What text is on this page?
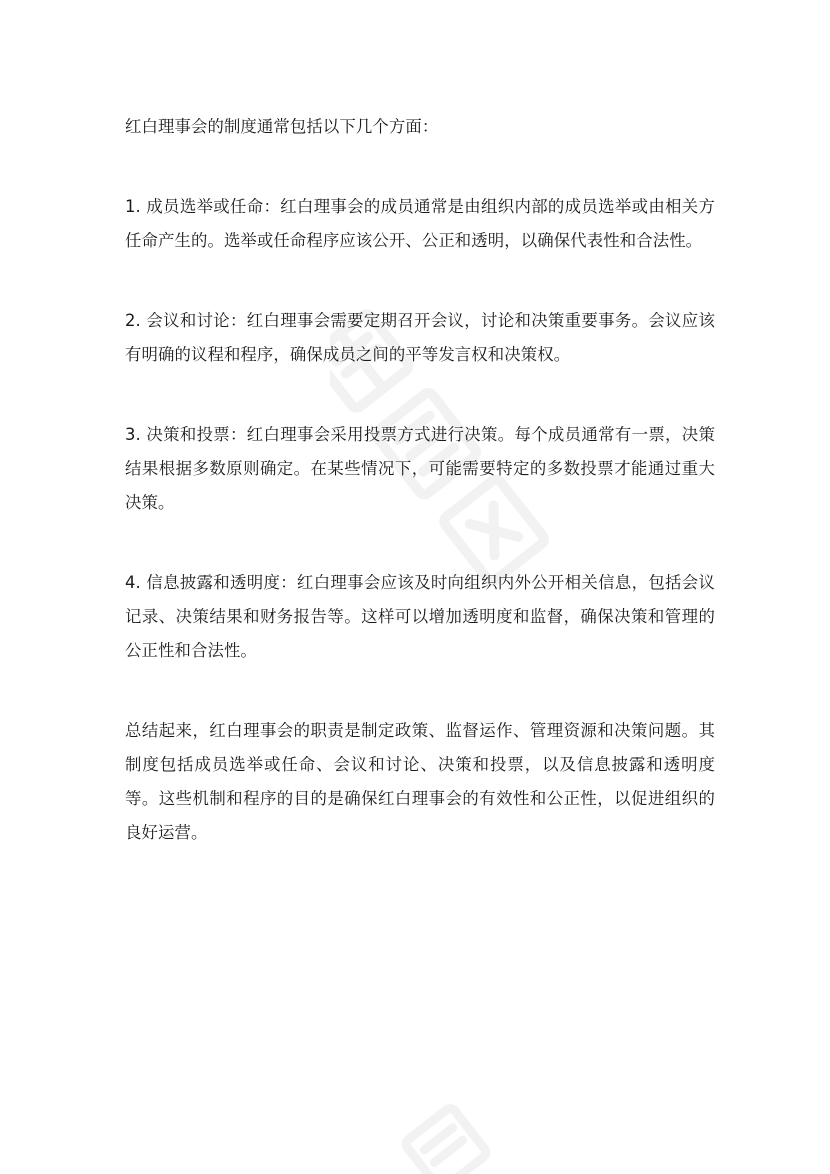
红白理事会的制度通常包括以下几个方面：

1. 成员选举或任命：红白理事会的成员通常是由组织内部的成员选举或由相关方任命产生的。选举或任命程序应该公开、公正和透明，以确保代表性和合法性。

2. 会议和讨论：红白理事会需要定期召开会议，讨论和决策重要事务。会议应该有明确的议程和程序，确保成员之间的平等发言权和决策权。

3. 决策和投票：红白理事会采用投票方式进行决策。每个成员通常有一票，决策结果根据多数原则确定。在某些情况下，可能需要特定的多数投票才能通过重大决策。

4. 信息披露和透明度：红白理事会应该及时向组织内外公开相关信息，包括会议记录、决策结果和财务报告等。这样可以增加透明度和监督，确保决策和管理的公正性和合法性。

总结起来，红白理事会的职责是制定政策、监督运作、管理资源和决策问题。其制度包括成员选举或任命、会议和讨论、决策和投票，以及信息披露和透明度等。这些机制和程序的目的是确保红白理事会的有效性和公正性，以促进组织的良好运营。
